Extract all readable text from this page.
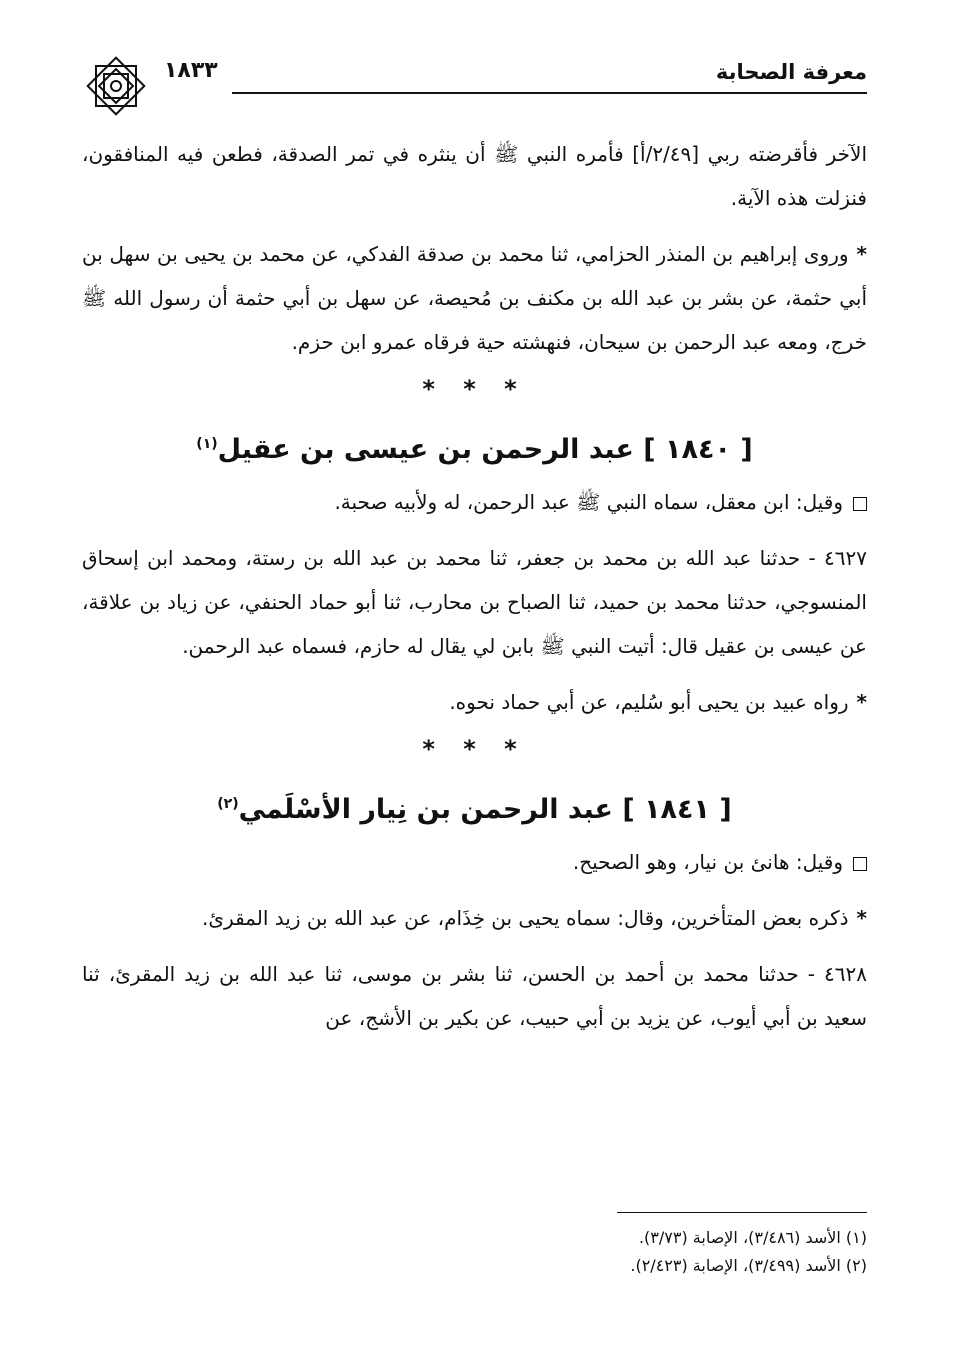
١٨٣٣	معرفة الصحابة

الآخر فأقرضته ربي [٢/٤٩/أ] فأمره النبي ﷺ أن ينثره في تمر الصدقة، فطعن فيه المنافقون، فنزلت هذه الآية.

*وروى إبراهيم بن المنذر الحزامي، ثنا محمد بن صدقة الفدكي، عن محمد بن يحيى بن سهل بن أبي حثمة، عن بشر بن عبد الله بن مكنف بن مُحيصة، عن سهل بن أبي حثمة أن رسول الله ﷺ خرج، ومعه عبد الرحمن بن سيحان، فنهشته حية فرقاه عمرو ابن حزم.

* * *
[ ١٨٤٠ ] عبد الرحمن بن عيسى بن عقيل$^{(١)}$

وقيل: ابن معقل، سماه النبي ﷺ عبد الرحمن، له ولأبيه صحبة.

٤٦٢٧ - حدثنا عبد الله بن محمد بن جعفر، ثنا محمد بن عبد الله بن رستة، ومحمد ابن إسحاق المنسوجي، حدثنا محمد بن حميد، ثنا الصباح بن محارب، ثنا أبو حماد الحنفي، عن زياد بن علاقة، عن عيسى بن عقيل قال: أتيت النبي ﷺ بابن لي يقال له حازم، فسماه عبد الرحمن.

*رواه عبيد بن يحيى أبو سُليم، عن أبي حماد نحوه.

* * *
[ ١٨٤١ ] عبد الرحمن بن نِيار الأسْلَمي$^{(٢)}$

وقيل: هانئ بن نيار، وهو الصحيح.

*ذكره بعض المتأخرين، وقال: سماه يحيى بن خِذَام، عن عبد الله بن زيد المقرئ.

٤٦٢٨ - حدثنا محمد بن أحمد بن الحسن، ثنا بشر بن موسى، ثنا عبد الله بن زيد المقرئ، ثنا سعيد بن أبي أيوب، عن يزيد بن أبي حبيب، عن بكير بن الأشج، عن

(١) الأسد (٣/٤٨٦)، الإصابة (٣/٧٣).

(٢) الأسد (٣/٤٩٩)، الإصابة (٢/٤٢٣).
